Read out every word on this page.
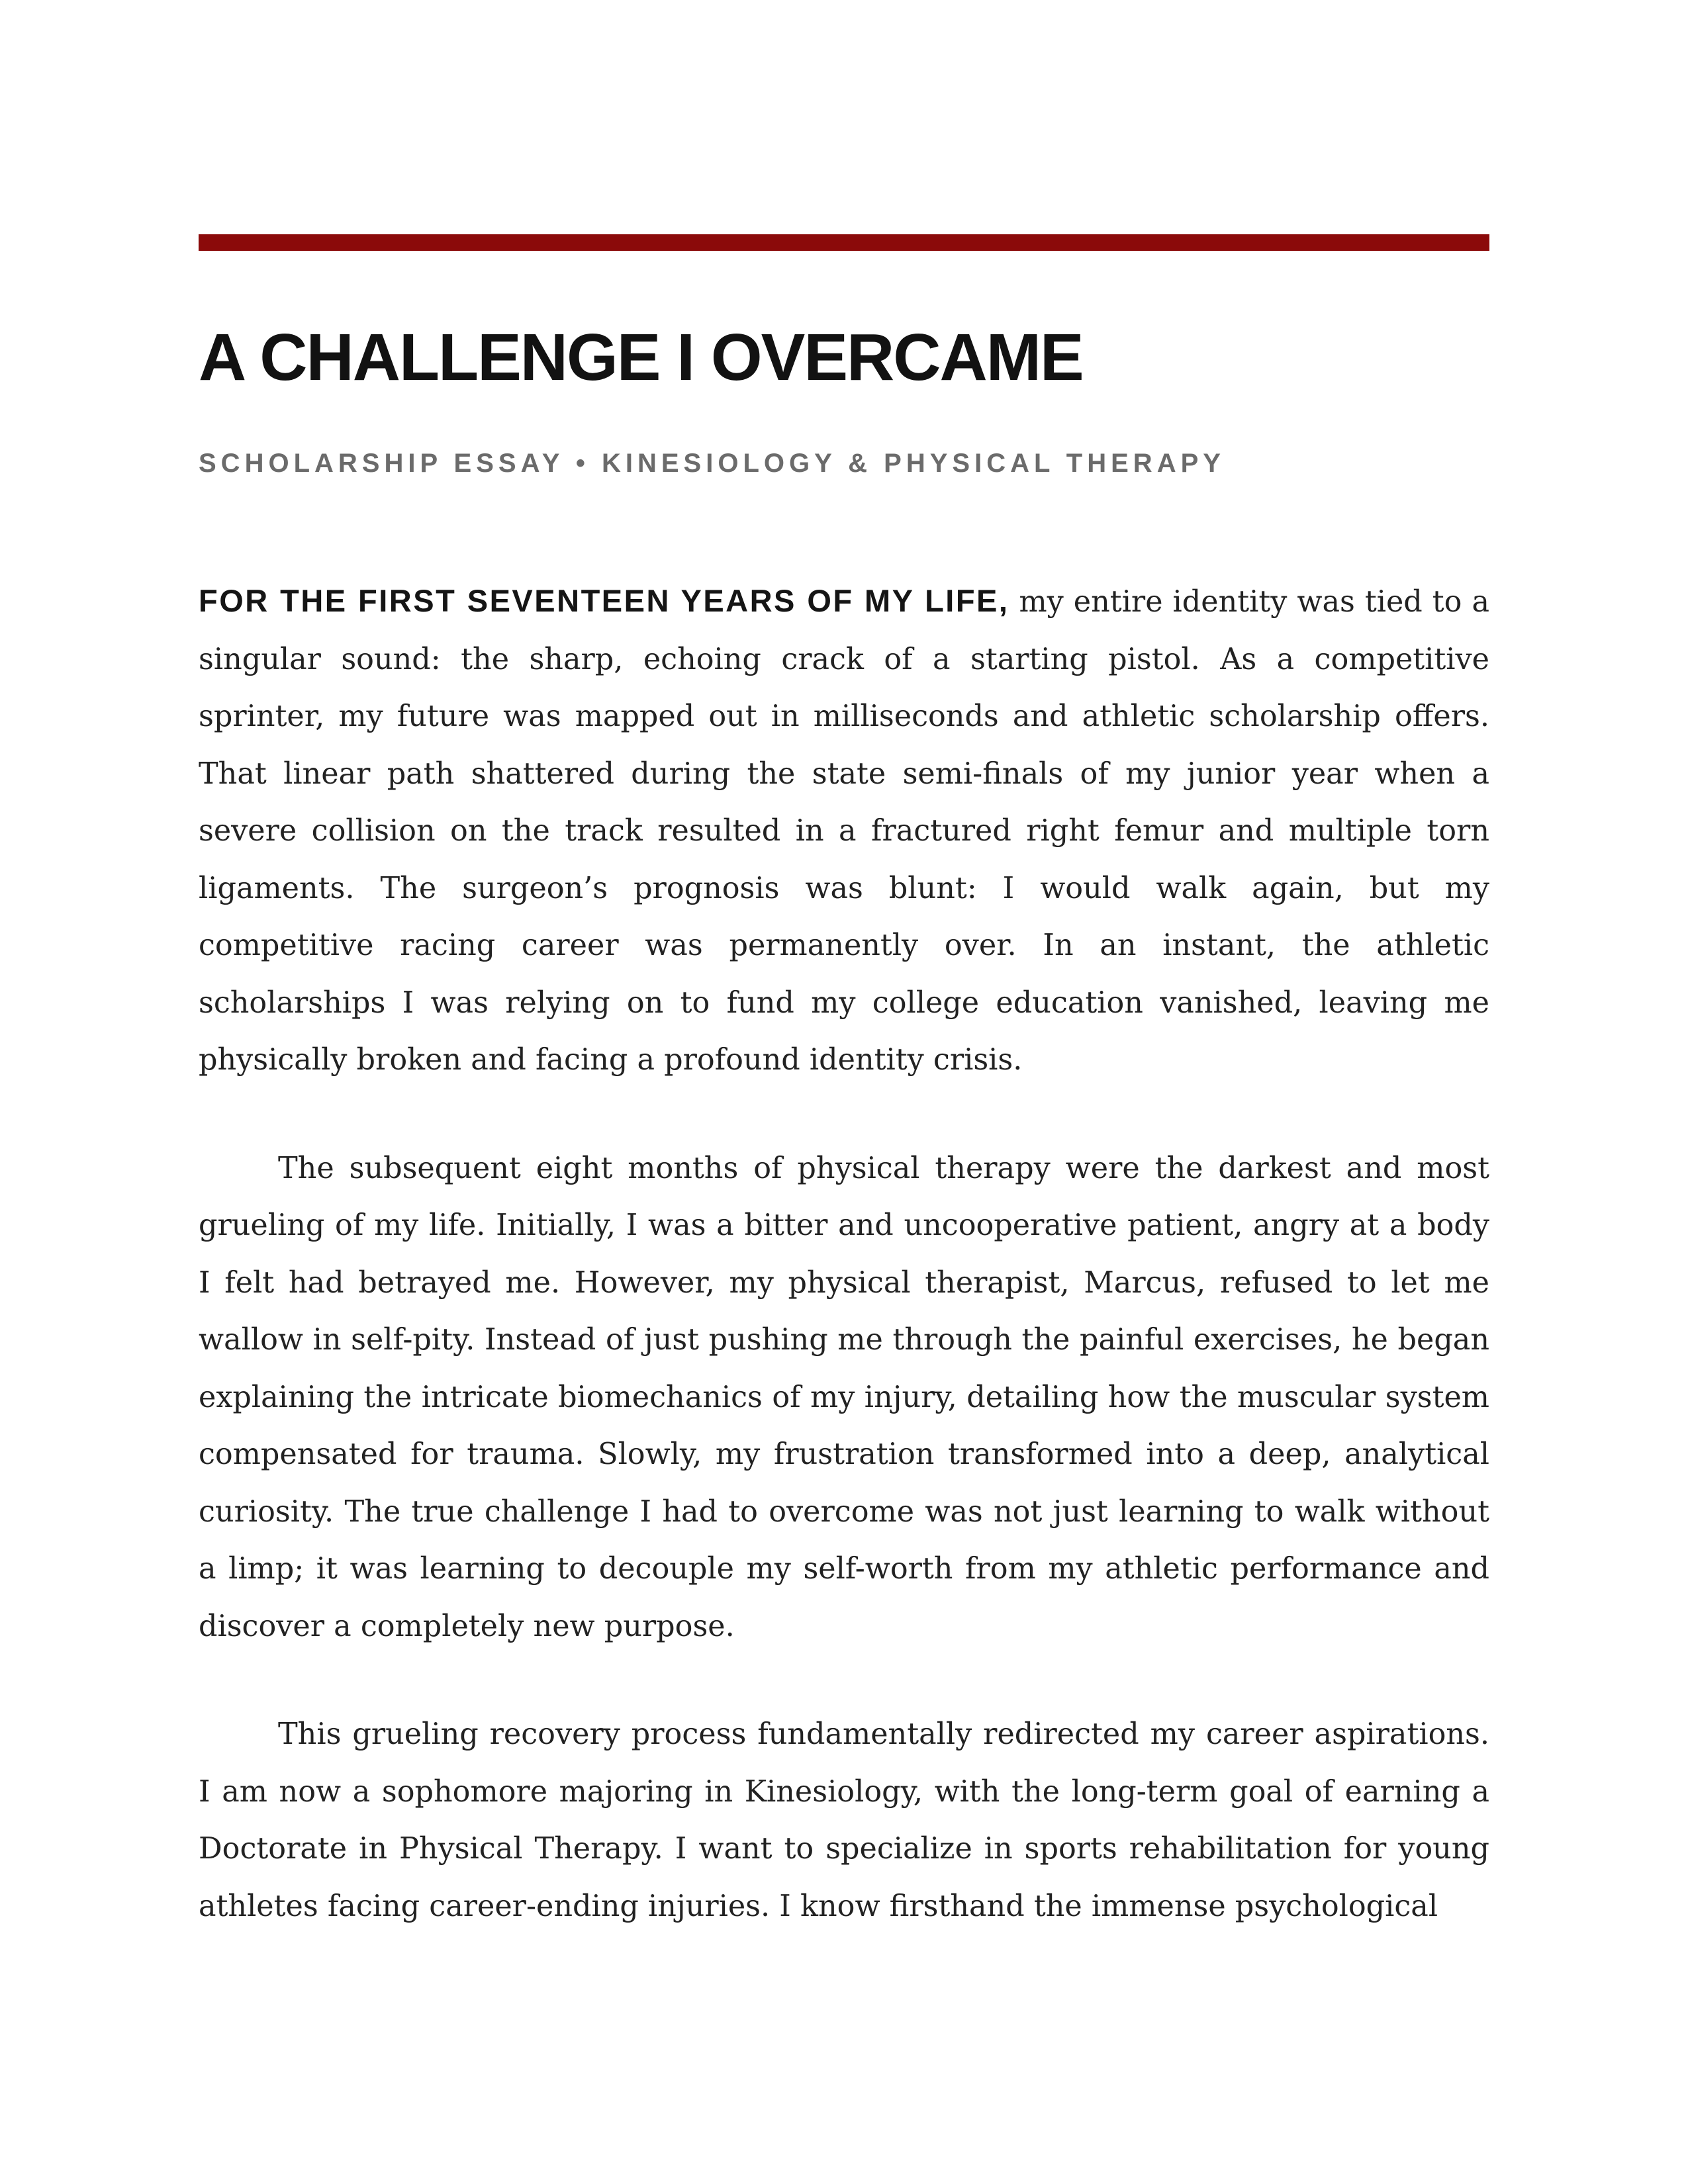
A CHALLENGE I OVERCAME
SCHOLARSHIP ESSAY • KINESIOLOGY & PHYSICAL THERAPY

FOR THE FIRST SEVENTEEN YEARS OF MY LIFE, my entire identity was tied to a singular sound: the sharp, echoing crack of a starting pistol. As a competitive sprinter, my future was mapped out in milliseconds and athletic scholarship offers. That linear path shattered during the state semi-finals of my junior year when a severe collision on the track resulted in a fractured right femur and multiple torn ligaments. The surgeon’s prognosis was blunt: I would walk again, but my competitive racing career was permanently over. In an instant, the athletic scholarships I was relying on to fund my college education vanished, leaving me physically broken and facing a profound identity crisis.

The subsequent eight months of physical therapy were the darkest and most grueling of my life. Initially, I was a bitter and uncooperative patient, angry at a body I felt had betrayed me. However, my physical therapist, Marcus, refused to let me wallow in self-pity. Instead of just pushing me through the painful exercises, he began explaining the intricate biomechanics of my injury, detailing how the muscular system compensated for trauma. Slowly, my frustration transformed into a deep, analytical curiosity. The true challenge I had to overcome was not just learning to walk without a limp; it was learning to decouple my self-worth from my athletic performance and discover a completely new purpose.

This grueling recovery process fundamentally redirected my career aspirations. I am now a sophomore majoring in Kinesiology, with the long-term goal of earning a Doctorate in Physical Therapy. I want to specialize in sports rehabilitation for young athletes facing career-ending injuries. I know firsthand the immense psychological
